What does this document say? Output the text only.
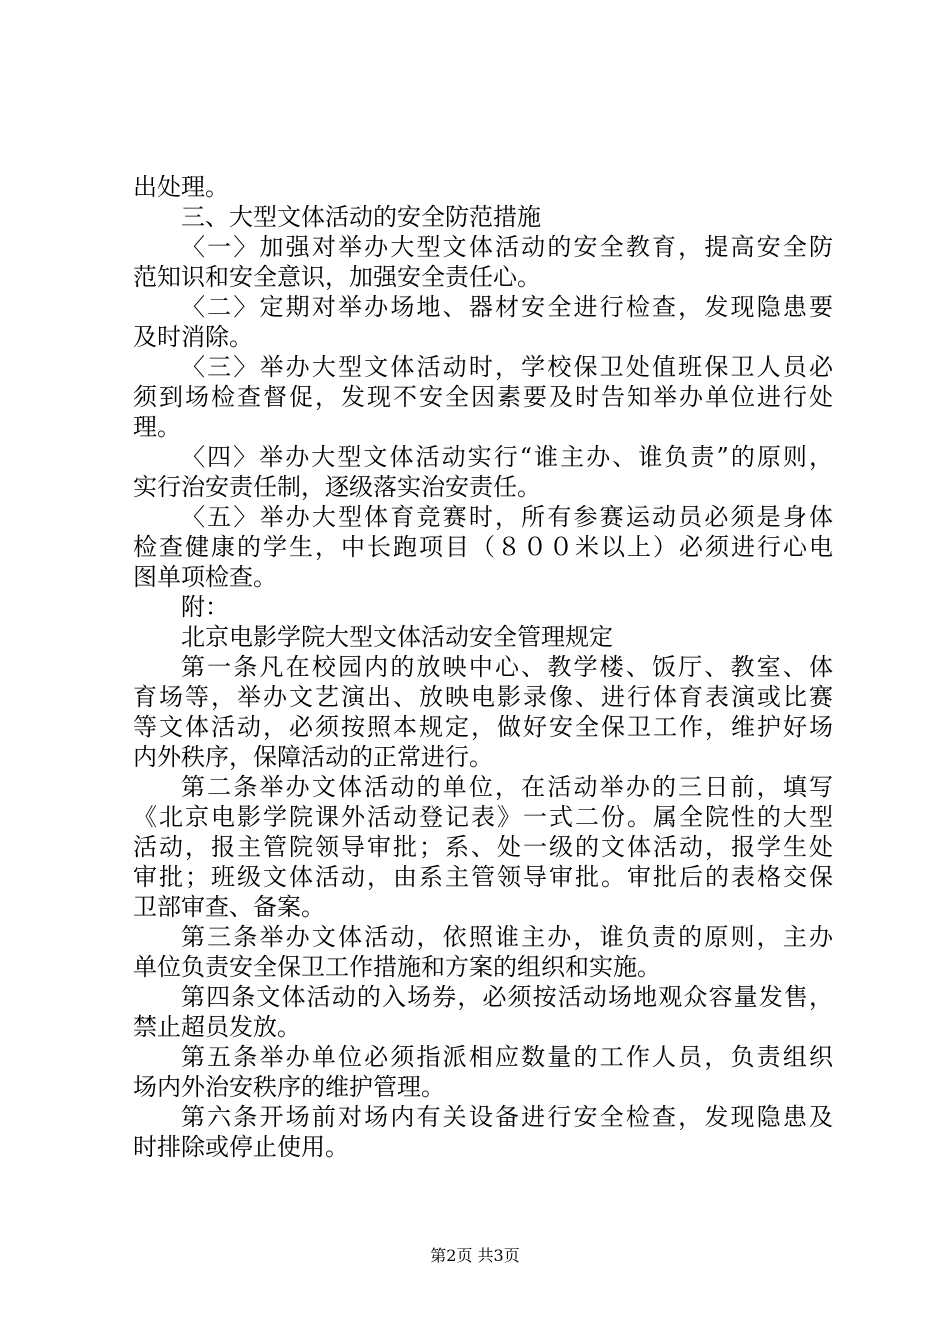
出处理。
三、大型文体活动的安全防范措施
〈一〉加强对举办大型文体活动的安全教育，提高安全防
范知识和安全意识，加强安全责任心。
〈二〉定期对举办场地、器材安全进行检查，发现隐患要
及时消除。
〈三〉举办大型文体活动时，学校保卫处值班保卫人员必
须到场检查督促，发现不安全因素要及时告知举办单位进行处
理。
〈四〉举办大型文体活动实行“谁主办、谁负责”的原则，
实行治安责任制，逐级落实治安责任。
〈五〉举办大型体育竞赛时，所有参赛运动员必须是身体
检查健康的学生，中长跑项目（８００米以上）必须进行心电
图单项检查。
附：
北京电影学院大型文体活动安全管理规定
第一条凡在校园内的放映中心、教学楼、饭厅、教室、体
育场等，举办文艺演出、放映电影录像、进行体育表演或比赛
等文体活动，必须按照本规定，做好安全保卫工作，维护好场
内外秩序，保障活动的正常进行。
第二条举办文体活动的单位，在活动举办的三日前，填写
《北京电影学院课外活动登记表》一式二份。属全院性的大型
活动，报主管院领导审批；系、处一级的文体活动，报学生处
审批；班级文体活动，由系主管领导审批。审批后的表格交保
卫部审查、备案。
第三条举办文体活动，依照谁主办，谁负责的原则，主办
单位负责安全保卫工作措施和方案的组织和实施。
第四条文体活动的入场券，必须按活动场地观众容量发售，
禁止超员发放。
第五条举办单位必须指派相应数量的工作人员，负责组织
场内外治安秩序的维护管理。
第六条开场前对场内有关设备进行安全检查，发现隐患及
时排除或停止使用。
第2页 共3页
